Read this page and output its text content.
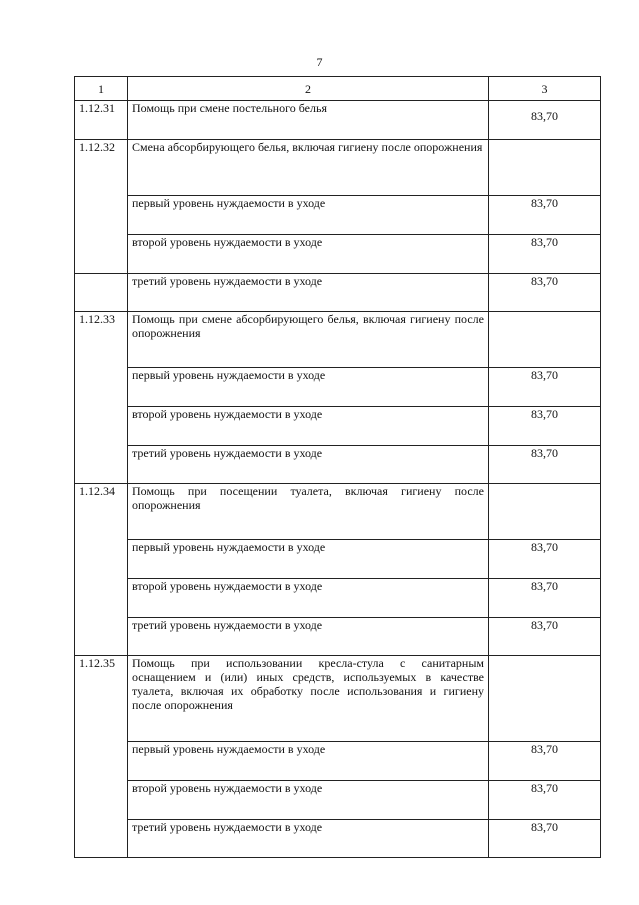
7
1	2	3
1.12.31	Помощь при смене постельного белья	83,70
1.12.32	Смена абсорбирующего белья, включая гигиену после опорожнения	
	первый уровень нуждаемости в уходе	83,70
	второй уровень нуждаемости в уходе	83,70
	третий уровень нуждаемости в уходе	83,70
1.12.33	Помощь при смене абсорбирующего белья, включая гигиену после опорожнения	
	первый уровень нуждаемости в уходе	83,70
	второй уровень нуждаемости в уходе	83,70
	третий уровень нуждаемости в уходе	83,70
1.12.34	Помощь при посещении туалета, включая гигиену после опорожнения	
	первый уровень нуждаемости в уходе	83,70
	второй уровень нуждаемости в уходе	83,70
	третий уровень нуждаемости в уходе	83,70
1.12.35	Помощь при использовании кресла-стула с санитарным оснащением и (или) иных средств, используемых в качестве туалета, включая их обработку после использования и гигиену после опорожнения	
	первый уровень нуждаемости в уходе	83,70
	второй уровень нуждаемости в уходе	83,70
	третий уровень нуждаемости в уходе	83,70
